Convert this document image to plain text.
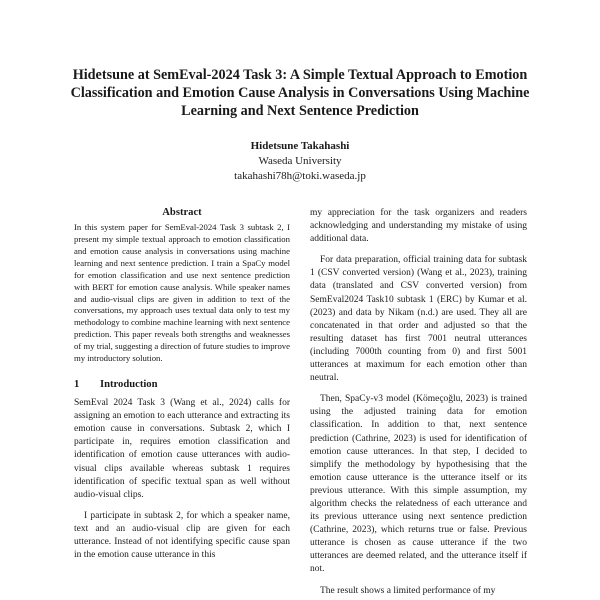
Hidetsune at SemEval-2024 Task 3: A Simple Textual Approach to Emotion
Classification and Emotion Cause Analysis in Conversations Using Machine
Learning and Next Sentence Prediction
Hidetsune Takahashi
Waseda University
takahashi78h@toki.waseda.jp
Abstract

In this system paper for SemEval-2024 Task 3 subtask 2, I present my simple textual approach to emotion classification and emotion cause analysis in conversations using machine learning and next sentence prediction. I train a SpaCy model for emotion classification and use next sentence prediction with BERT for emotion cause analysis. While speaker names and audio-visual clips are given in addition to text of the conversations, my approach uses textual data only to test my methodology to combine machine learning with next sentence prediction. This paper reveals both strengths and weaknesses of my trial, suggesting a direction of future studies to improve my introductory solution.

1 Introduction

SemEval 2024 Task 3 (Wang et al., 2024) calls for assigning an emotion to each utterance and extracting its emotion cause in conversations. Subtask 2, which I participate in, requires emotion classification and identification of emotion cause utterances with audio-visual clips available whereas subtask 1 requires identification of specific textual span as well without audio-visual clips.

I participate in subtask 2, for which a speaker name, text and an audio-visual clip are given for each utterance. Instead of not identifying specific cause span in the emotion cause utterance in this

my appreciation for the task organizers and readers acknowledging and understanding my mistake of using additional data.

For data preparation, official training data for subtask 1 (CSV converted version) (Wang et al., 2023), training data (translated and CSV converted version) from SemEval2024 Task10 subtask 1 (ERC) by Kumar et al. (2023) and data by Nikam (n.d.) are used. They all are concatenated in that order and adjusted so that the resulting dataset has first 7001 neutral utterances (including 7000th counting from 0) and first 5001 utterances at maximum for each emotion other than neutral.

Then, SpaCy-v3 model (Kömeçoğlu, 2023) is trained using the adjusted training data for emotion classification. In addition to that, next sentence prediction (Cathrine, 2023) is used for identification of emotion cause utterances. In that step, I decided to simplify the methodology by hypothesising that the emotion cause utterance is the utterance itself or its previous utterance. With this simple assumption, my algorithm checks the relatedness of each utterance and its previous utterance using next sentence prediction (Cathrine, 2023), which returns true or false. Previous utterance is chosen as cause utterance if the two utterances are deemed related, and the utterance itself if not.

The result shows a limited performance of my
